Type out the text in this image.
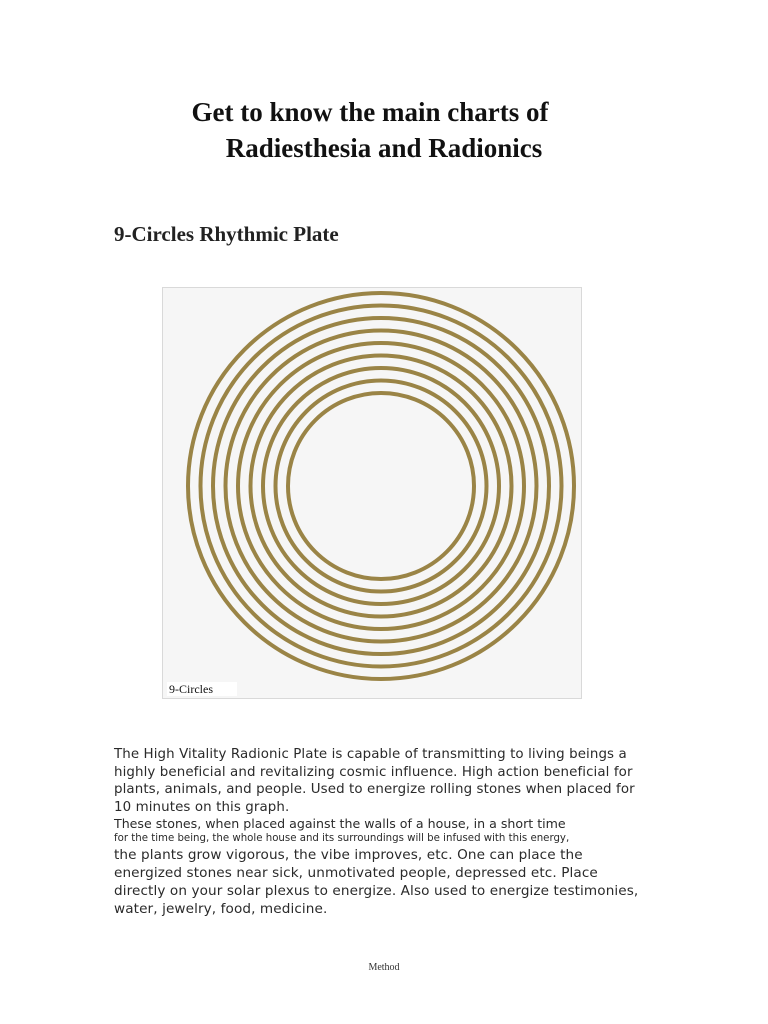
Get to know the main charts of
Radiesthesia and Radionics
9-Circles Rhythmic Plate
9-Circles

The High Vitality Radionic Plate is capable of transmitting to living beings a highly beneficial and revitalizing cosmic influence. High action beneficial for plants, animals, and people. Used to energize rolling stones when placed for 10 minutes on this graph.

These stones, when placed against the walls of a house, in a short time

for the time being, the whole house and its surroundings will be infused with this energy,

the plants grow vigorous, the vibe improves, etc. One can place the energized stones near sick, unmotivated people, depressed etc. Place directly on your solar plexus to energize. Also used to energize testimonies, water, jewelry, food, medicine.

Method
